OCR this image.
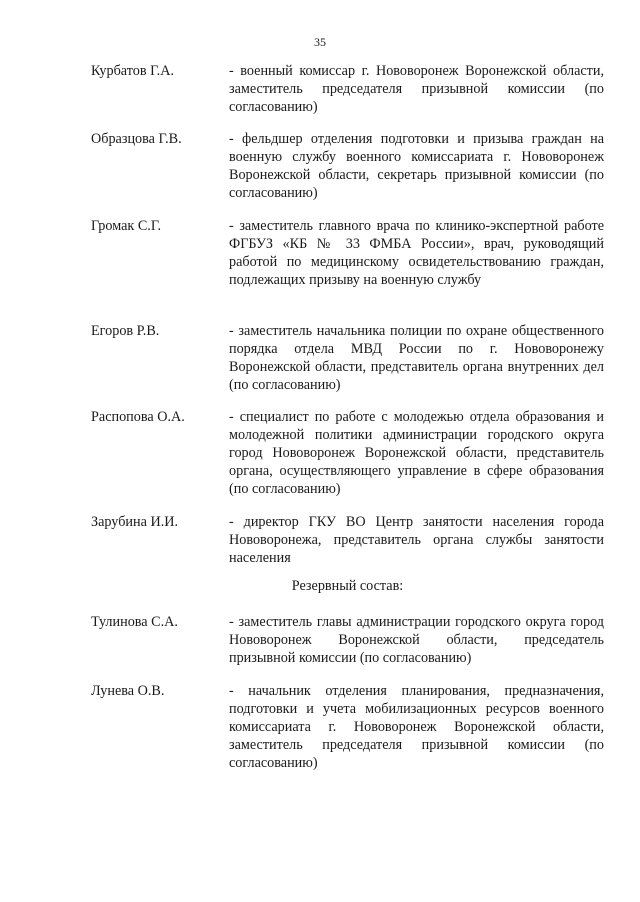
35
Курбатов Г.А.	- военный комиссар г. Нововоронеж Воронежской области, заместитель председателя призывной комиссии (по согласованию)
Образцова Г.В.	- фельдшер отделения подготовки и призыва граждан на военную службу военного комиссариата г. Нововоронеж Воронежской области, секретарь призывной комиссии (по согласованию)
Громак С.Г.	- заместитель главного врача по клинико-экспертной работе ФГБУЗ «КБ № 33 ФМБА России», врач, руководящий работой по медицинскому освидетельствованию граждан, подлежащих призыву на военную службу
Егоров Р.В.	- заместитель начальника полиции по охране общественного порядка отдела МВД России по г. Нововоронежу Воронежской области, представитель органа внутренних дел (по согласованию)
Распопова О.А.	- специалист по работе с молодежью отдела образования и молодежной политики администрации городского округа город Нововоронеж Воронежской области, представитель органа, осуществляющего управление в сфере образования (по согласованию)
Зарубина И.И.	- директор ГКУ ВО Центр занятости населения города Нововоронежа, представитель органа службы занятости населения
Резервный состав:
Тулинова С.А.	- заместитель главы администрации городского округа город Нововоронеж Воронежской области, председатель призывной комиссии (по согласованию)
Лунева О.В.	- начальник отделения планирования, предназначения, подготовки и учета мобилизационных ресурсов военного комиссариата г. Нововоронеж Воронежской области, заместитель председателя призывной комиссии (по согласованию)
